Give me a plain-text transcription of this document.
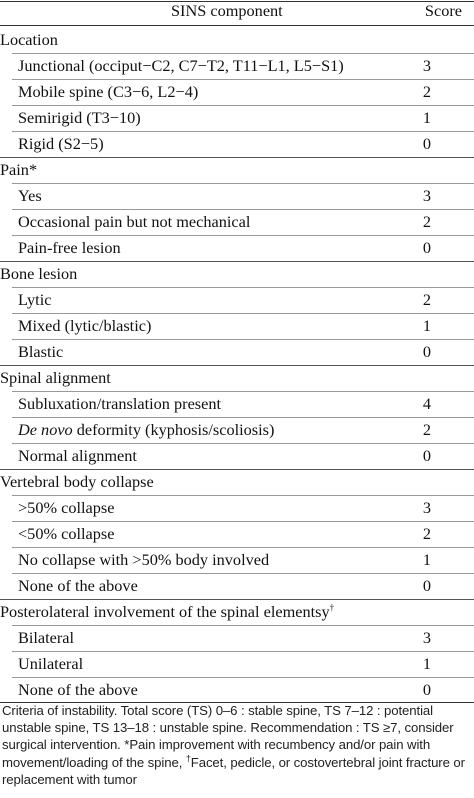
SINS component	Score
Location
Junctional (occiput−C2, C7−T2, T11−L1, L5−S1)	3
Mobile spine (C3−6, L2−4)	2
Semirigid (T3−10)	1
Rigid (S2−5)	0
Pain*
Yes	3
Occasional pain but not mechanical	2
Pain-free lesion	0
Bone lesion
Lytic	2
Mixed (lytic/blastic)	1
Blastic	0
Spinal alignment
Subluxation/translation present	4
De novo deformity (kyphosis/scoliosis)	2
Normal alignment	0
Vertebral body collapse
>50% collapse	3
<50% collapse	2
No collapse with >50% body involved	1
None of the above	0
Posterolateral involvement of the spinal elementsy†
Bilateral	3
Unilateral	1
None of the above	0
Criteria of instability. Total score (TS) 0–6 : stable spine, TS 7–12 : potential unstable spine, TS 13–18 : unstable spine. Recommendation : TS ≥7, consider surgical intervention. *Pain improvement with recumbency and/or pain with movement/loading of the spine, †Facet, pedicle, or costovertebral joint fracture or replacement with tumor
